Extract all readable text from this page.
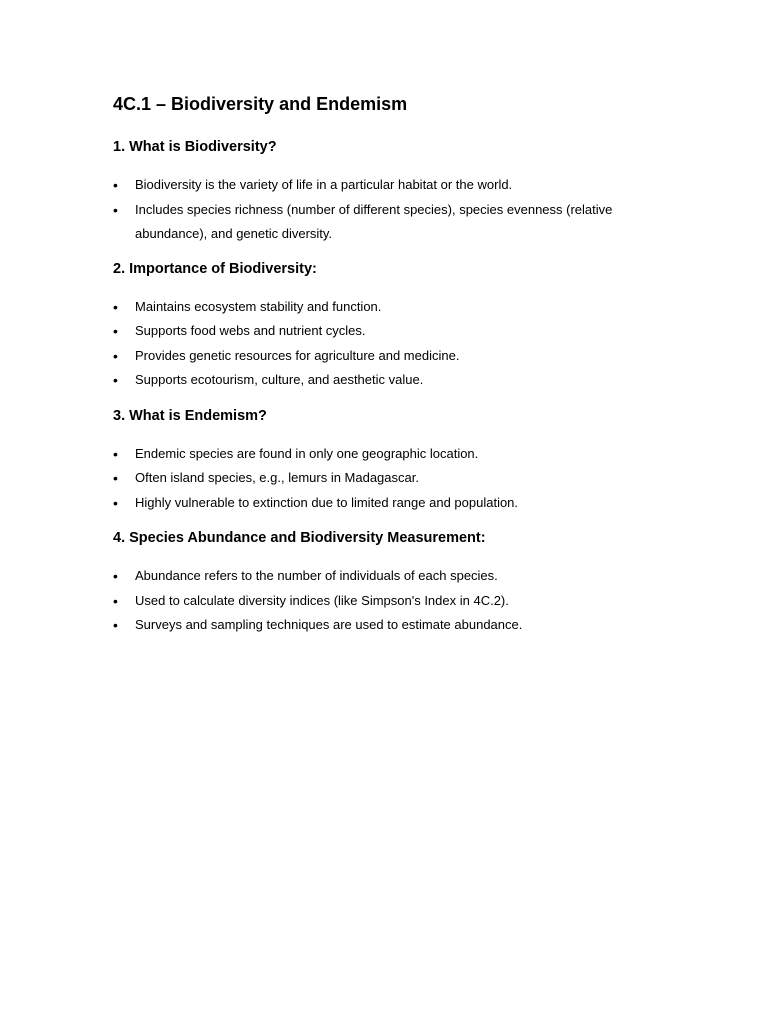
4C.1 – Biodiversity and Endemism
1. What is Biodiversity?
• Biodiversity is the variety of life in a particular habitat or the world.
• Includes species richness (number of different species), species evenness (relative abundance), and genetic diversity.
2. Importance of Biodiversity:
• Maintains ecosystem stability and function.
• Supports food webs and nutrient cycles.
• Provides genetic resources for agriculture and medicine.
• Supports ecotourism, culture, and aesthetic value.
3. What is Endemism?
• Endemic species are found in only one geographic location.
• Often island species, e.g., lemurs in Madagascar.
• Highly vulnerable to extinction due to limited range and population.
4. Species Abundance and Biodiversity Measurement:
• Abundance refers to the number of individuals of each species.
• Used to calculate diversity indices (like Simpson's Index in 4C.2).
• Surveys and sampling techniques are used to estimate abundance.
